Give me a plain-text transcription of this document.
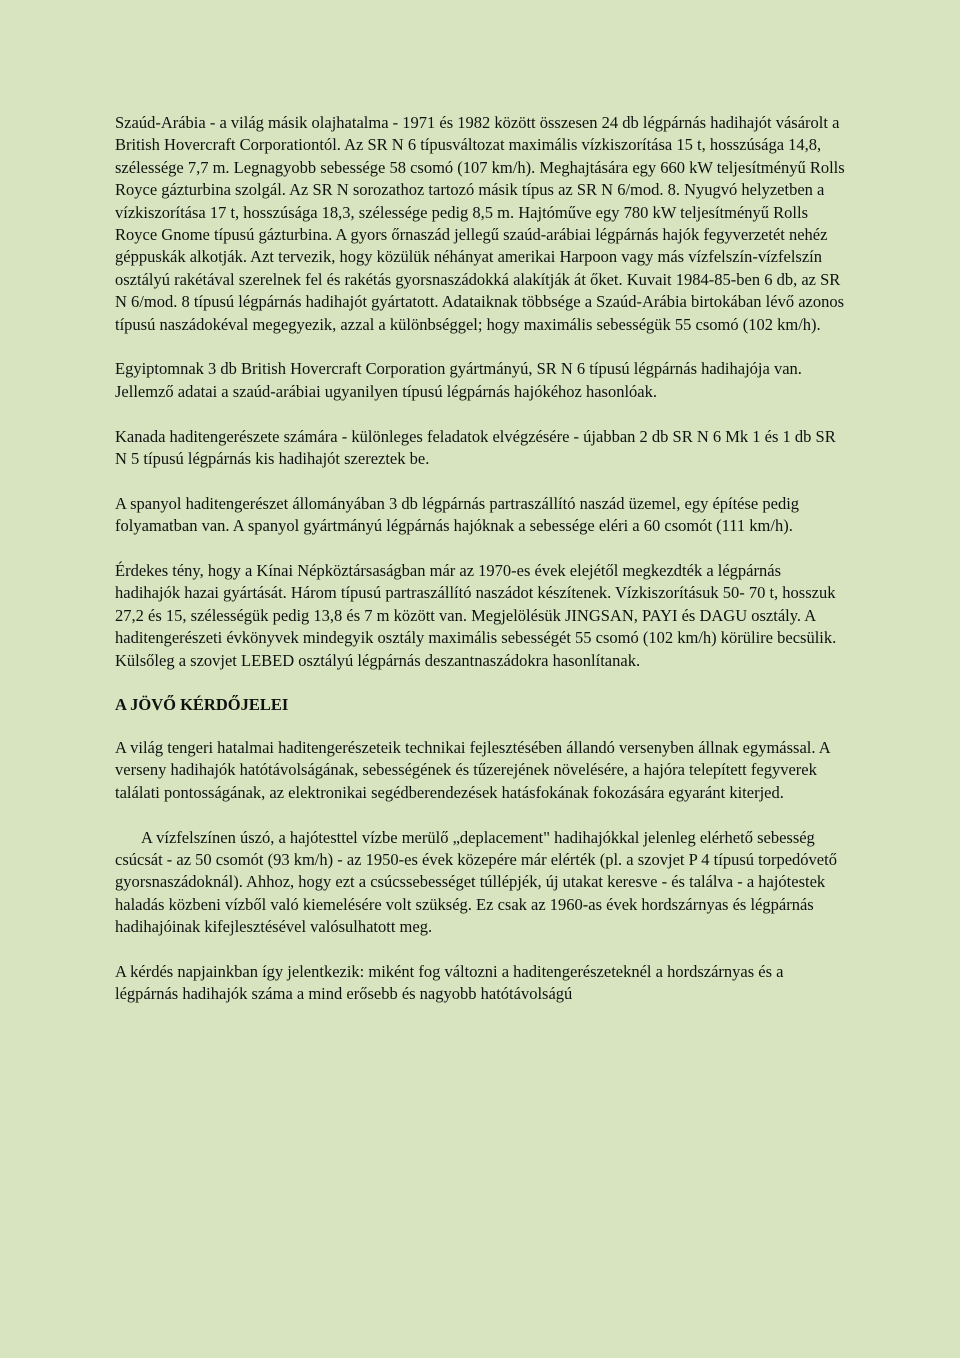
Szaúd-Arábia - a világ másik olajhatalma - 1971 és 1982 között összesen 24 db légpárnás hadihajót vásárolt a British Hovercraft Corporationtól. Az SR N 6 típusváltozat maximális vízkiszorítása 15 t, hosszúsága 14,8, szélessége 7,7 m. Legnagyobb sebessége 58 csomó (107 km/h). Meghajtására egy 660 kW teljesítményű Rolls Royce gázturbina szolgál. Az SR N sorozathoz tartozó másik típus az SR N 6/mod. 8. Nyugvó helyzetben a vízkiszorítása 17 t, hosszúsága 18,3, szélessége pedig 8,5 m. Hajtóműve egy 780 kW teljesítményű Rolls Royce Gnome típusú gázturbina. A gyors őrnaszád jellegű szaúd-arábiai légpárnás hajók fegyverzetét nehéz géppuskák alkotják. Azt tervezik, hogy közülük néhányat amerikai Harpoon vagy más vízfelszín-vízfelszín osztályú rakétával szerelnek fel és rakétás gyorsnaszádokká alakítják át őket. Kuvait 1984-85-ben 6 db, az SR N 6/mod. 8 típusú légpárnás hadihajót gyártatott. Adataiknak többsége a Szaúd-Arábia birtokában lévő azonos típusú naszádokéval megegyezik, azzal a különbséggel; hogy maximális sebességük 55 csomó (102 km/h).

Egyiptomnak 3 db British Hovercraft Corporation gyártmányú, SR N 6 típusú légpárnás hadihajója van. Jellemző adatai a szaúd-arábiai ugyanilyen típusú légpárnás hajókéhoz hasonlóak.

Kanada haditengerészete számára - különleges feladatok elvégzésére - újabban 2 db SR N 6 Mk 1 és 1 db SR N 5 típusú légpárnás kis hadihajót szereztek be.

A spanyol haditengerészet állományában 3 db légpárnás partraszállító naszád üzemel, egy építése pedig folyamatban van. A spanyol gyártmányú légpárnás hajóknak a sebessége eléri a 60 csomót (111 km/h).

Érdekes tény, hogy a Kínai Népköztársaságban már az 1970-es évek elejétől megkezdték a légpárnás hadihajók hazai gyártását. Három típusú partraszállító naszádot készítenek. Vízkiszorításuk 50- 70 t, hosszuk 27,2 és 15, szélességük pedig 13,8 és 7 m között van. Megjelölésük JINGSAN, PAYI és DAGU osztály. A haditengerészeti évkönyvek mindegyik osztály maximális sebességét 55 csomó (102 km/h) körülire becsülik. Külsőleg a szovjet LEBED osztályú légpárnás deszantnaszádokra hasonlítanak.

A JÖVŐ KÉRDŐJELEI

A világ tengeri hatalmai haditengerészeteik technikai fejlesztésében állandó versenyben állnak egymással. A verseny hadihajók hatótávolságának, sebességének és tűzerejének növelésére, a hajóra telepített fegyverek találati pontosságának, az elektronikai segédberendezések hatásfokának fokozására egyaránt kiterjed.

A vízfelszínen úszó, a hajótesttel vízbe merülő „deplacement" hadihajókkal jelenleg elérhető sebesség csúcsát - az 50 csomót (93 km/h) - az 1950-es évek közepére már elérték (pl. a szovjet P 4 típusú torpedóvető gyorsnaszádoknál). Ahhoz, hogy ezt a csúcssebességet túllépjék, új utakat keresve - és találva - a hajótestek haladás közbeni vízből való kiemelésére volt szükség. Ez csak az 1960-as évek hordszárnyas és légpárnás hadihajóinak kifejlesztésével valósulhatott meg.

A kérdés napjainkban így jelentkezik: miként fog változni a haditengerészeteknél a hordszárnyas és a légpárnás hadihajók száma a mind erősebb és nagyobb hatótávolságú
